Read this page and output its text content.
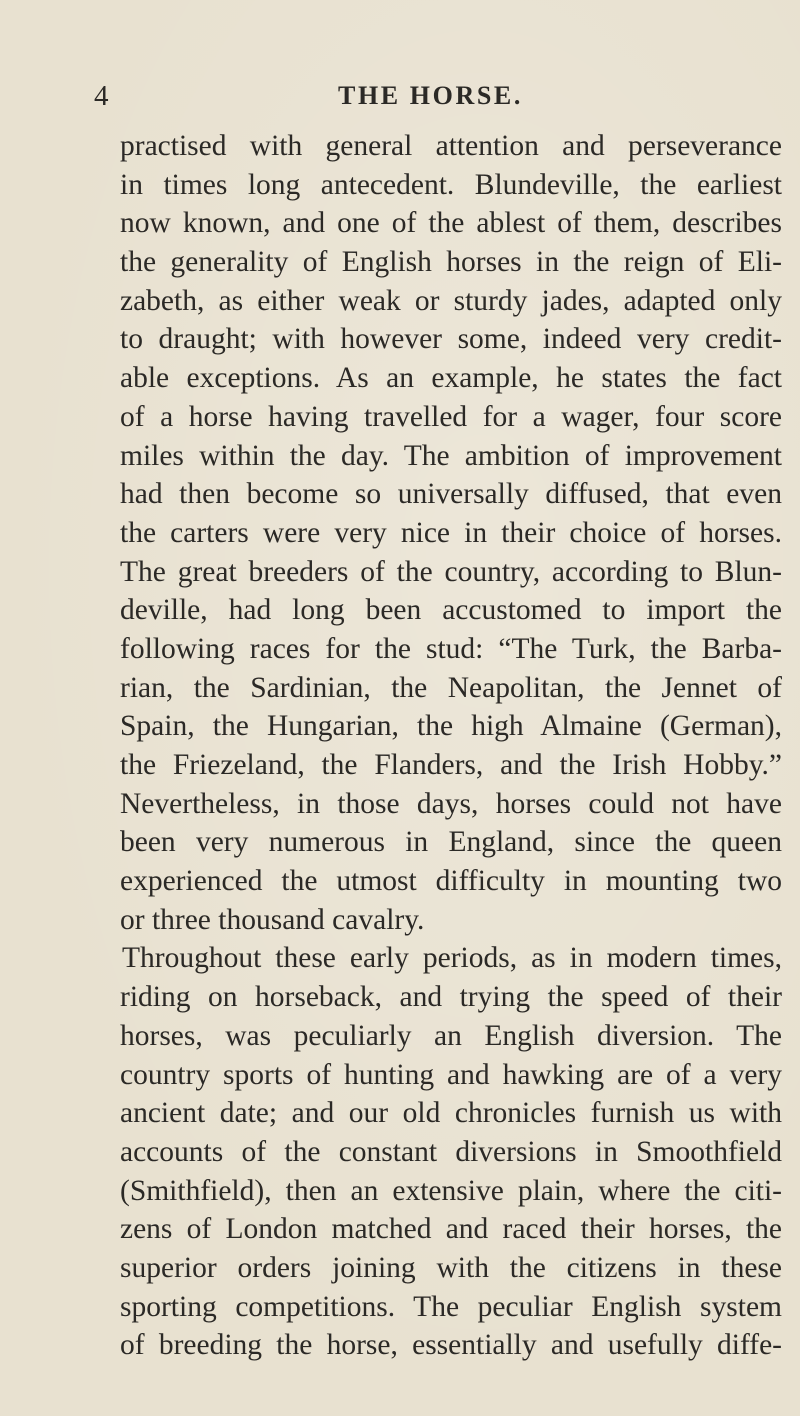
4	THE HORSE.
practised with general attention and perseverance
in times long antecedent. Blundeville, the earliest
now known, and one of the ablest of them, describes
the generality of English horses in the reign of Eli-
zabeth, as either weak or sturdy jades, adapted only
to draught; with however some, indeed very credit-
able exceptions. As an example, he states the fact
of a horse having travelled for a wager, four score
miles within the day. The ambition of improvement
had then become so universally diffused, that even
the carters were very nice in their choice of horses.
The great breeders of the country, according to Blun-
deville, had long been accustomed to import the
following races for the stud: “The Turk, the Barba-
rian, the Sardinian, the Neapolitan, the Jennet of
Spain, the Hungarian, the high Almaine (German),
the Friezeland, the Flanders, and the Irish Hobby.”
Nevertheless, in those days, horses could not have
been very numerous in England, since the queen
experienced the utmost difficulty in mounting two
or three thousand cavalry.
Throughout these early periods, as in modern times,
riding on horseback, and trying the speed of their
horses, was peculiarly an English diversion. The
country sports of hunting and hawking are of a very
ancient date; and our old chronicles furnish us with
accounts of the constant diversions in Smoothfield
(Smithfield), then an extensive plain, where the citi-
zens of London matched and raced their horses, the
superior orders joining with the citizens in these
sporting competitions. The peculiar English system
of breeding the horse, essentially and usefully diffe-
